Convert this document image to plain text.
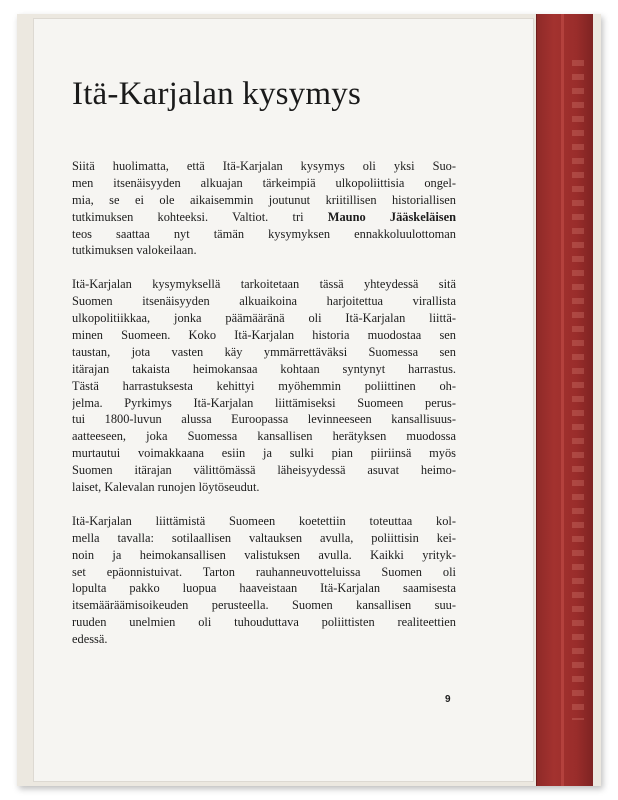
Itä-Karjalan kysymys

Siitä huolimatta, että Itä-Karjalan kysymys oli yksi Suo-
men itsenäisyyden alkuajan tärkeimpiä ulkopoliittisia ongel-
mia, se ei ole aikaisemmin joutunut kriitillisen historiallisen
tutkimuksen kohteeksi. Valtiot. tri Mauno Jääskeläisen
teos saattaa nyt tämän kysymyksen ennakkoluulottoman
tutkimuksen valokeilaan.

Itä-Karjalan kysymyksellä tarkoitetaan tässä yhteydessä sitä
Suomen itsenäisyyden alkuaikoina harjoitettua virallista
ulkopolitiikkaa, jonka päämääränä oli Itä-Karjalan liittä-
minen Suomeen. Koko Itä-Karjalan historia muodostaa sen
taustan, jota vasten käy ymmärrettäväksi Suomessa sen
itärajan takaista heimokansaa kohtaan syntynyt harrastus.
Tästä harrastuksesta kehittyi myöhemmin poliittinen oh-
jelma. Pyrkimys Itä-Karjalan liittämiseksi Suomeen perus-
tui 1800-luvun alussa Euroopassa levinneeseen kansallisuus-
aatteeseen, joka Suomessa kansallisen herätyksen muodossa
murtautui voimakkaana esiin ja sulki pian piiriinsä myös
Suomen itärajan välittömässä läheisyydessä asuvat heimo-
laiset, Kalevalan runojen löytöseudut.

Itä-Karjalan liittämistä Suomeen koetettiin toteuttaa kol-
mella tavalla: sotilaallisen valtauksen avulla, poliittisin kei-
noin ja heimokansallisen valistuksen avulla. Kaikki yrityk-
set epäonnistuivat. Tarton rauhanneuvotteluissa Suomen oli
lopulta pakko luopua haaveistaan Itä-Karjalan saamisesta
itsemääräämisoikeuden perusteella. Suomen kansallisen suu-
ruuden unelmien oli tuhouduttava poliittisten realiteettien
edessä.

9
